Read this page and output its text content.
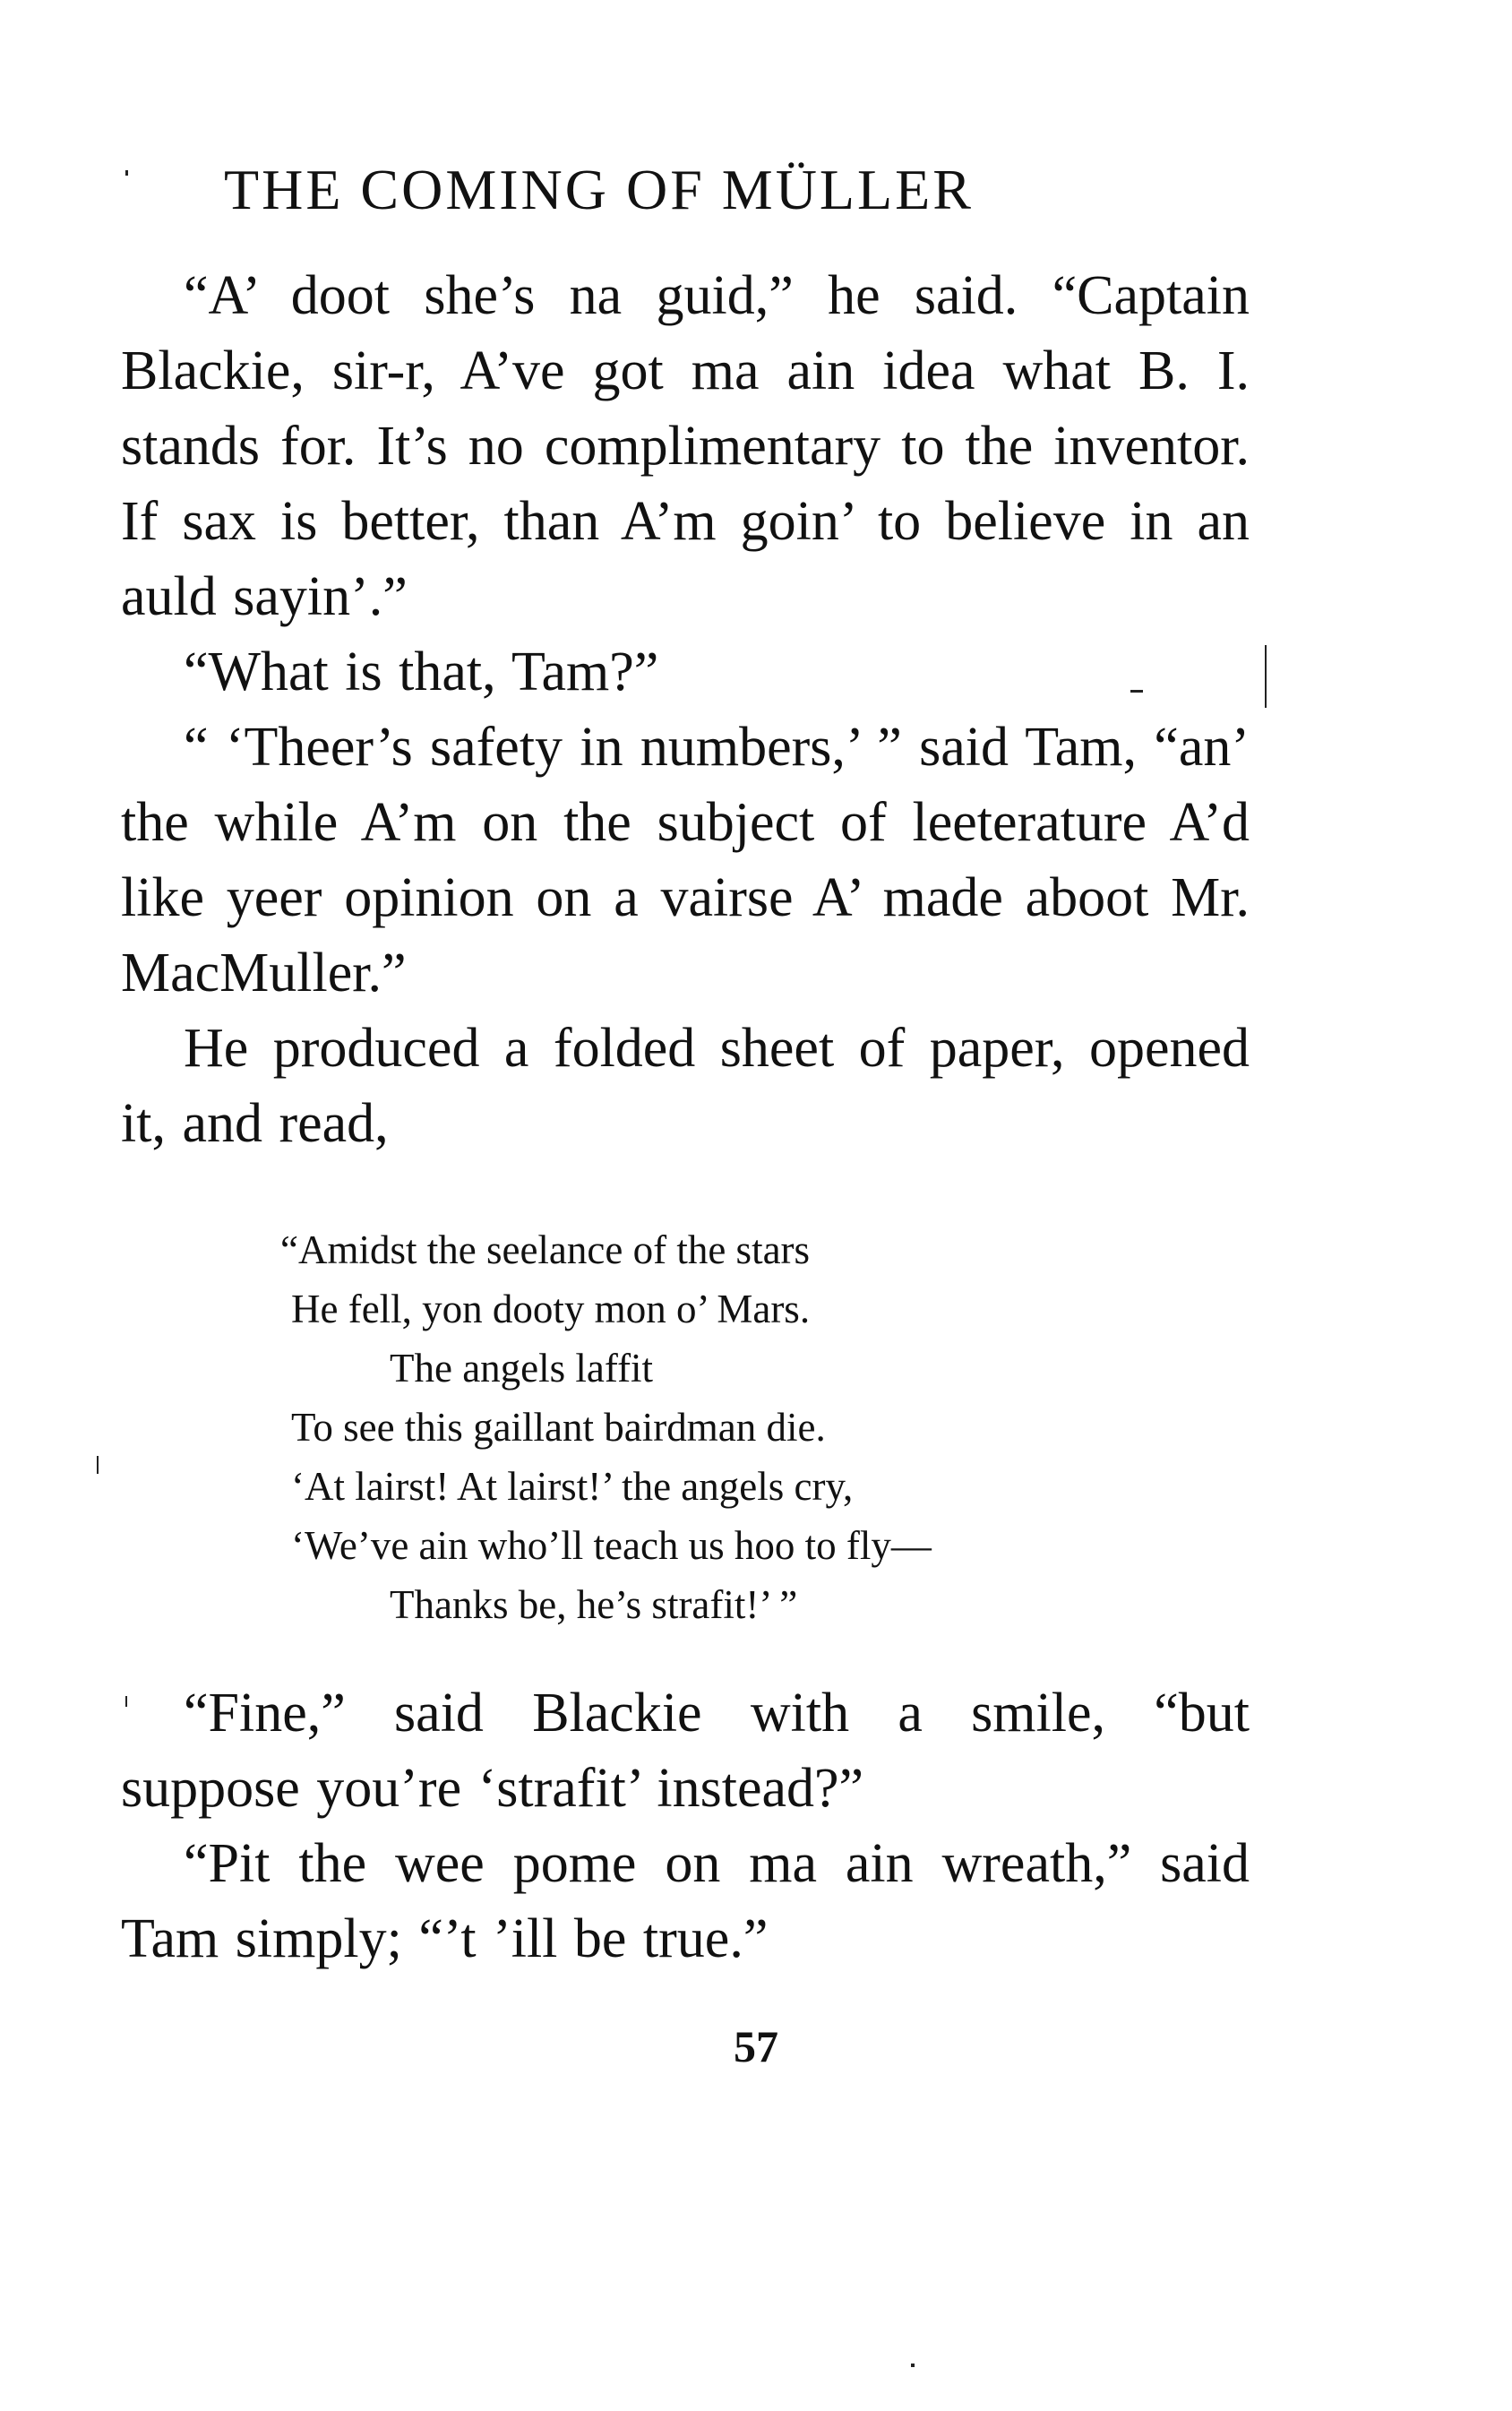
THE COMING OF MÜLLER

“A’ doot she’s na guid,” he said. “Captain Blackie, sir-r, A’ve got ma ain idea what B. I. stands for. It’s no complimentary to the inventor. If sax is better, than A’m goin’ to believe in an auld sayin’.”

“What is that, Tam?”

“ ‘Theer’s safety in numbers,’ ” said Tam, “an’ the while A’m on the subject of leeterature A’d like yeer opinion on a vairse A’ made aboot Mr. MacMuller.”

He produced a folded sheet of paper, opened it, and read,

“Amidst the seelance of the stars
He fell, yon dooty mon o’ Mars.
The angels laffit
To see this gaillant bairdman die.
‘At lairst! At lairst!’ the angels cry,
‘We’ve ain who’ll teach us hoo to fly—
Thanks be, he’s strafit!’ ”

“Fine,” said Blackie with a smile, “but suppose you’re ‘strafit’ instead?”

“Pit the wee pome on ma ain wreath,” said Tam simply; “’t ’ill be true.”

57
